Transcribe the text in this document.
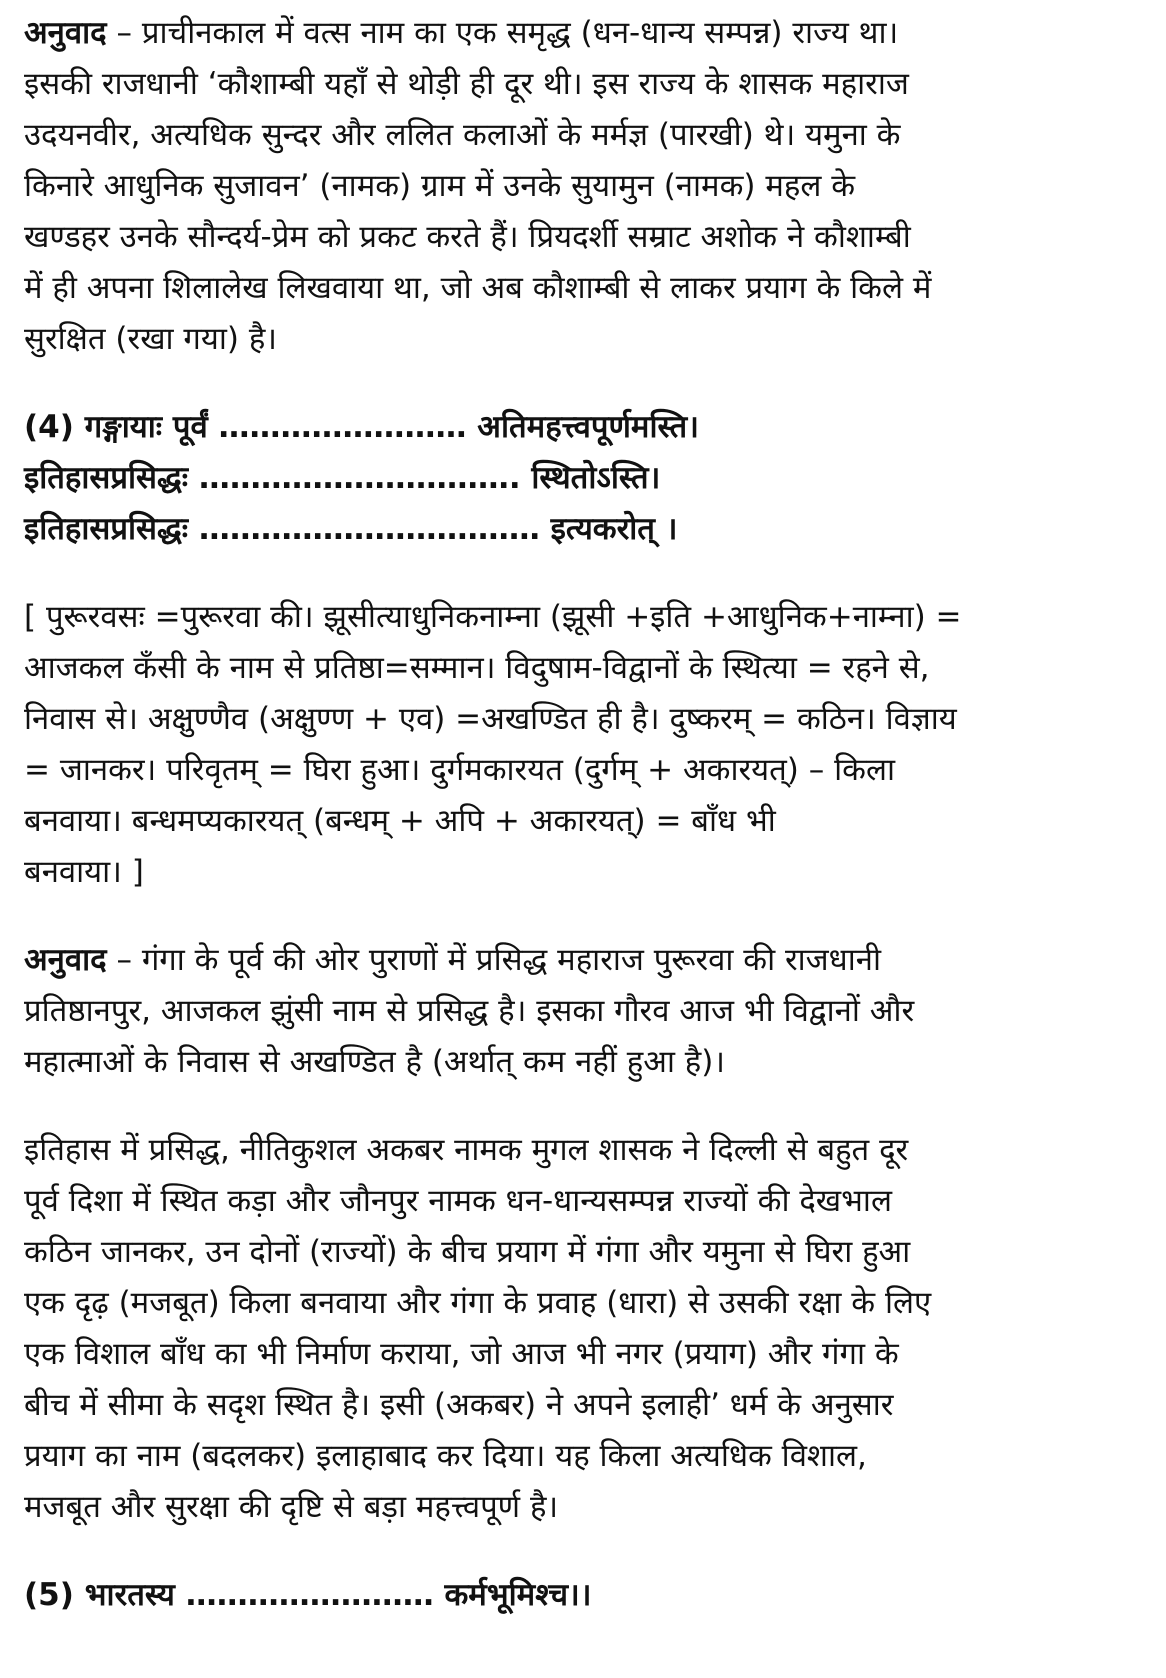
अनुवाद – प्राचीनकाल में वत्स नाम का एक समृद्ध (धन-धान्य सम्पन्न) राज्य था।
इसकी राजधानी ‘कौशाम्बी यहाँ से थोड़ी ही दूर थी। इस राज्य के शासक महाराज
उदयनवीर, अत्यधिक सुन्दर और ललित कलाओं के मर्मज्ञ (पारखी) थे। यमुना के
किनारे आधुनिक सुजावन’ (नामक) ग्राम में उनके सुयामुन (नामक) महल के
खण्डहर उनके सौन्दर्य-प्रेम को प्रकट करते हैं। प्रियदर्शी सम्राट अशोक ने कौशाम्बी
में ही अपना शिलालेख लिखवाया था, जो अब कौशाम्बी से लाकर प्रयाग के किले में
सुरक्षित (रखा गया) है।

(4) गङ्गायाः पूर्वं …………………… अतिमहत्त्वपूर्णमस्ति।
इतिहासप्रसिद्धः …………………………. स्थितोऽस्ति।
इतिहासप्रसिद्धः …………………………… इत्यकरोत् ।

[ पुरूरवसः =पुरूरवा की। झूसीत्याधुनिकनाम्ना (झूसी +इति +आधुनिक+नाम्ना) =
आजकल कँसी के नाम से प्रतिष्ठा=सम्मान। विदुषाम-विद्वानों के स्थित्या = रहने से,
निवास से। अक्षुण्णैव (अक्षुण्ण + एव) =अखण्डित ही है। दुष्करम् = कठिन। विज्ञाय
= जानकर। परिवृतम् = घिरा हुआ। दुर्गमकारयत (दुर्गम् + अकारयत्) – किला
बनवाया। बन्धमप्यकारयत् (बन्धम् + अपि + अकारयत्) = बाँध भी
बनवाया। ]

अनुवाद – गंगा के पूर्व की ओर पुराणों में प्रसिद्ध महाराज पुरूरवा की राजधानी
प्रतिष्ठानपुर, आजकल झुंसी नाम से प्रसिद्ध है। इसका गौरव आज भी विद्वानों और
महात्माओं के निवास से अखण्डित है (अर्थात् कम नहीं हुआ है)।

इतिहास में प्रसिद्ध, नीतिकुशल अकबर नामक मुगल शासक ने दिल्ली से बहुत दूर
पूर्व दिशा में स्थित कड़ा और जौनपुर नामक धन-धान्यसम्पन्न राज्यों की देखभाल
कठिन जानकर, उन दोनों (राज्यों) के बीच प्रयाग में गंगा और यमुना से घिरा हुआ
एक दृढ़ (मजबूत) किला बनवाया और गंगा के प्रवाह (धारा) से उसकी रक्षा के लिए
एक विशाल बाँध का भी निर्माण कराया, जो आज भी नगर (प्रयाग) और गंगा के
बीच में सीमा के सदृश स्थित है। इसी (अकबर) ने अपने इलाही’ धर्म के अनुसार
प्रयाग का नाम (बदलकर) इलाहाबाद कर दिया। यह किला अत्यधिक विशाल,
मजबूत और सुरक्षा की दृष्टि से बड़ा महत्त्वपूर्ण है।

(5) भारतस्य …………………… कर्मभूमिश्च।।
